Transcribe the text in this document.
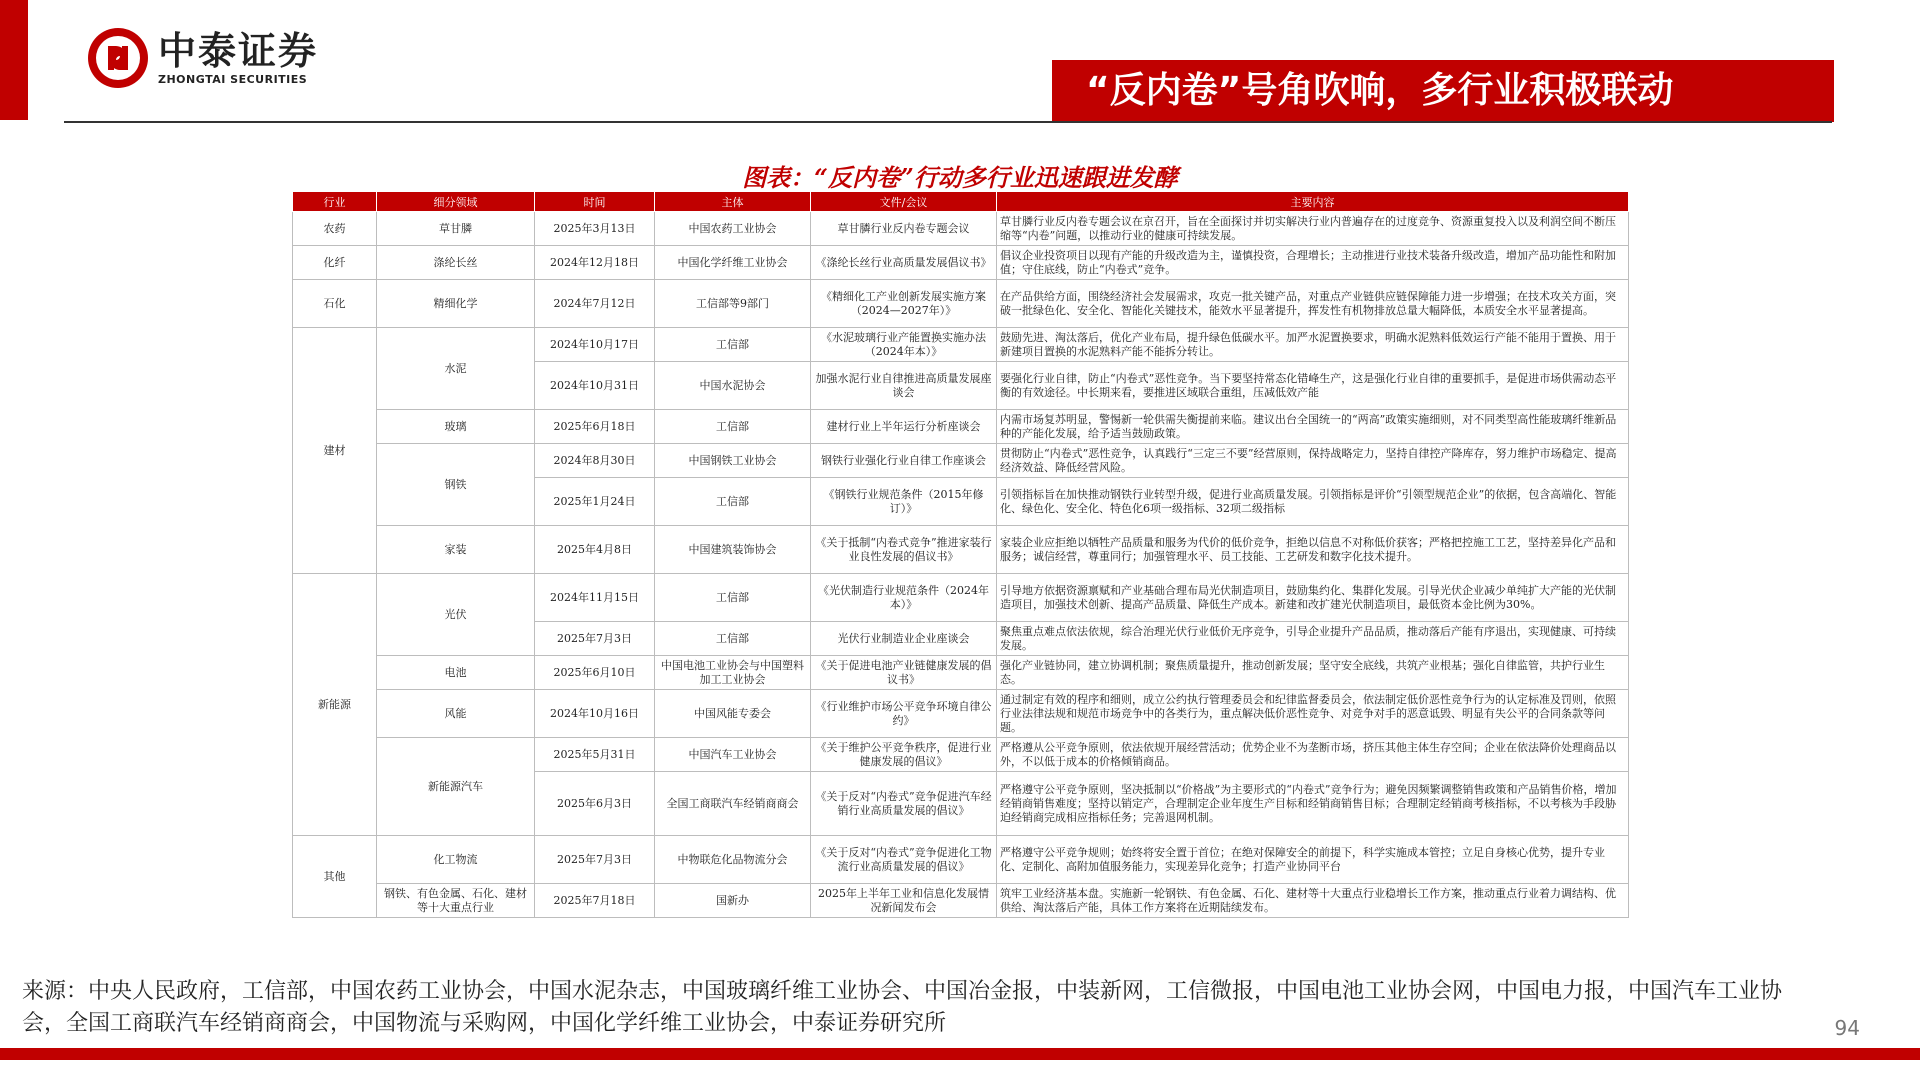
中泰证券
ZHONGTAI SECURITIES	“反内卷”号角吹响，多行业积极联动
图表：“反内卷”行动多行业迅速跟进发酵
行业	细分领域	时间	主体	文件/会议	主要内容
农药	草甘膦	2025年3月13日	中国农药工业协会	草甘膦行业反内卷专题会议	草甘膦行业反内卷专题会议在京召开，旨在全面探讨并切实解决行业内普遍存在的过度竞争、资源重复投入以及利润空间不断压缩等“内卷”问题，以推动行业的健康可持续发展。
化纤	涤纶长丝	2024年12月18日	中国化学纤维工业协会	《涤纶长丝行业高质量发展倡议书》	倡议企业投资项目以现有产能的升级改造为主，谨慎投资，合理增长；主动推进行业技术装备升级改造，增加产品功能性和附加值；守住底线，防止“内卷式”竞争。
石化	精细化学	2024年7月12日	工信部等9部门	《精细化工产业创新发展实施方案（2024—2027年）》	在产品供给方面，围绕经济社会发展需求，攻克一批关键产品，对重点产业链供应链保障能力进一步增强；在技术攻关方面，突破一批绿色化、安全化、智能化关键技术，能效水平显著提升，挥发性有机物排放总量大幅降低，本质安全水平显著提高。
建材	水泥	2024年10月17日	工信部	《水泥玻璃行业产能置换实施办法（2024年本）》	鼓励先进、淘汰落后，优化产业布局，提升绿色低碳水平。加严水泥置换要求，明确水泥熟料低效运行产能不能用于置换、用于新建项目置换的水泥熟料产能不能拆分转让。
		2024年10月31日	中国水泥协会	加强水泥行业自律推进高质量发展座谈会	要强化行业自律，防止“内卷式”恶性竞争。当下要坚持常态化错峰生产，这是强化行业自律的重要抓手，是促进市场供需动态平衡的有效途径。中长期来看，要推进区域联合重组，压减低效产能
	玻璃	2025年6月18日	工信部	建材行业上半年运行分析座谈会	内需市场复苏明显，警惕新一轮供需失衡提前来临。建议出台全国统一的“两高”政策实施细则，对不同类型高性能玻璃纤维新品种的产能化发展，给予适当鼓励政策。
	钢铁	2024年8月30日	中国钢铁工业协会	钢铁行业强化行业自律工作座谈会	贯彻防止“内卷式”恶性竞争，认真践行“三定三不要”经营原则，保持战略定力，坚持自律控产降库存，努力维护市场稳定、提高经济效益、降低经营风险。
		2025年1月24日	工信部	《钢铁行业规范条件（2015年修订）》	引领指标旨在加快推动钢铁行业转型升级，促进行业高质量发展。引领指标是评价“引领型规范企业”的依据，包含高端化、智能化、绿色化、安全化、特色化6项一级指标、32项二级指标
	家装	2025年4月8日	中国建筑装饰协会	《关于抵制“内卷式竞争”推进家装行业良性发展的倡议书》	家装企业应拒绝以牺牲产品质量和服务为代价的低价竞争，拒绝以信息不对称低价获客；严格把控施工工艺，坚持差异化产品和服务；诚信经营，尊重同行；加强管理水平、员工技能、工艺研发和数字化技术提升。
新能源	光伏	2024年11月15日	工信部	《光伏制造行业规范条件（2024年本）》	引导地方依据资源禀赋和产业基础合理布局光伏制造项目，鼓励集约化、集群化发展。引导光伏企业减少单纯扩大产能的光伏制造项目，加强技术创新、提高产品质量、降低生产成本。新建和改扩建光伏制造项目，最低资本金比例为30%。
		2025年7月3日	工信部	光伏行业制造业企业座谈会	聚焦重点难点依法依规，综合治理光伏行业低价无序竞争，引导企业提升产品品质，推动落后产能有序退出，实现健康、可持续发展。
	电池	2025年6月10日	中国电池工业协会与中国塑料加工工业协会	《关于促进电池产业链健康发展的倡议书》	强化产业链协同，建立协调机制；聚焦质量提升，推动创新发展；坚守安全底线，共筑产业根基；强化自律监管，共护行业生态。
	风能	2024年10月16日	中国风能专委会	《行业维护市场公平竞争环境自律公约》	通过制定有效的程序和细则，成立公约执行管理委员会和纪律监督委员会，依法制定低价恶性竞争行为的认定标准及罚则，依照行业法律法规和规范市场竞争中的各类行为，重点解决低价恶性竞争、对竞争对手的恶意诋毁、明显有失公平的合同条款等问题。
	新能源汽车	2025年5月31日	中国汽车工业协会	《关于维护公平竞争秩序，促进行业健康发展的倡议》	严格遵从公平竞争原则，依法依规开展经营活动；优势企业不为垄断市场，挤压其他主体生存空间；企业在依法降价处理商品以外，不以低于成本的价格倾销商品。
		2025年6月3日	全国工商联汽车经销商商会	《关于反对“内卷式”竞争促进汽车经销行业高质量发展的倡议》	严格遵守公平竞争原则，坚决抵制以“价格战”为主要形式的“内卷式”竞争行为；避免因频繁调整销售政策和产品销售价格，增加经销商销售难度；坚持以销定产，合理制定企业年度生产目标和经销商销售目标；合理制定经销商考核指标，不以考核为手段胁迫经销商完成相应指标任务；完善退网机制。
其他	化工物流	2025年7月3日	中物联危化品物流分会	《关于反对“内卷式”竞争促进化工物流行业高质量发展的倡议》	严格遵守公平竞争规则；始终将安全置于首位；在绝对保障安全的前提下，科学实施成本管控；立足自身核心优势，提升专业化、定制化、高附加值服务能力，实现差异化竞争；打造产业协同平台
	钢铁、有色金属、石化、建材等十大重点行业	2025年7月18日	国新办	2025年上半年工业和信息化发展情况新闻发布会	筑牢工业经济基本盘。实施新一轮钢铁、有色金属、石化、建材等十大重点行业稳增长工作方案，推动重点行业着力调结构、优供给、淘汰落后产能，具体工作方案将在近期陆续发布。
来源：中央人民政府，工信部，中国农药工业协会，中国水泥杂志，中国玻璃纤维工业协会、中国冶金报，中装新网，工信微报，中国电池工业协会网，中国电力报，中国汽车工业协会，全国工商联汽车经销商商会，中国物流与采购网，中国化学纤维工业协会，中泰证券研究所	94
